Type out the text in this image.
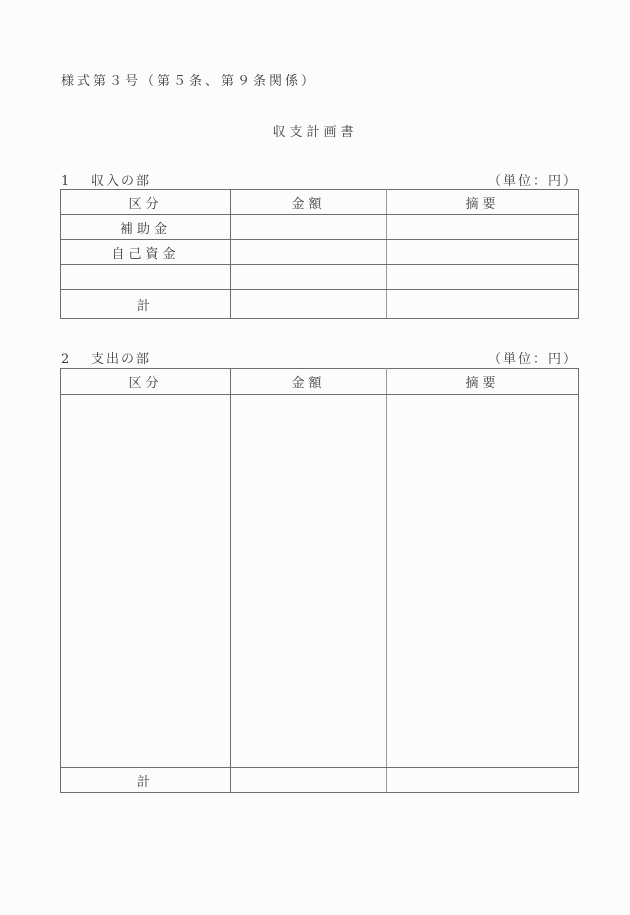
様式第３号（第５条、第９条関係）
収支計画書
1 収入の部	（単位：円）
区分	金額	摘要
補助金		
自己資金		

計		
2 支出の部	（単位：円）
区分	金額	摘要

計		
